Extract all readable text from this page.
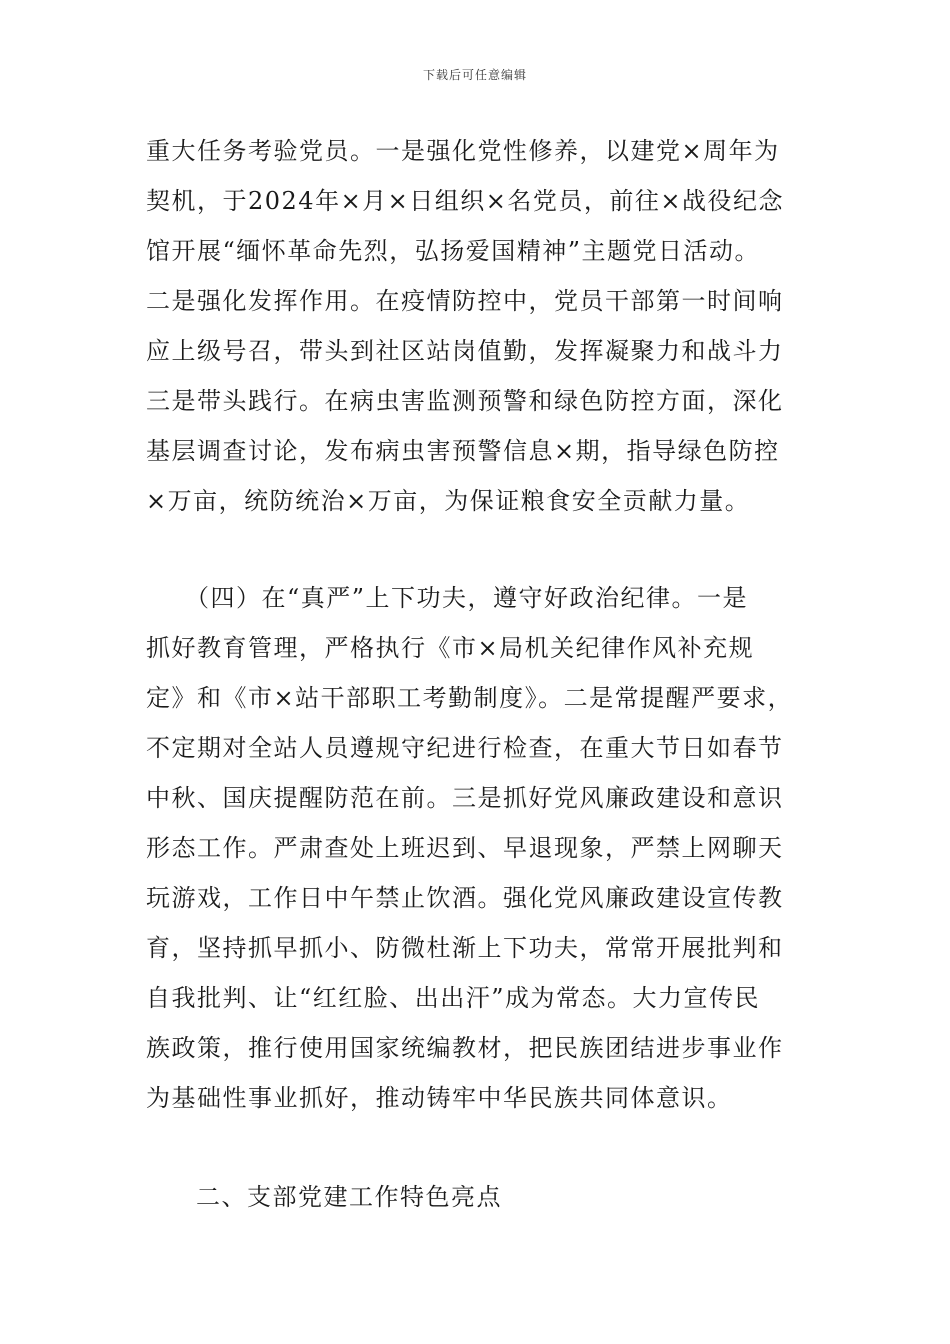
下载后可任意编辑
重大任务考验党员。一是强化党性修养，以建党×周年为
契机，于2024年×月×日组织×名党员，前往×战役纪念
馆开展“缅怀革命先烈，弘扬爱国精神”主题党日活动。
二是强化发挥作用。在疫情防控中，党员干部第一时间响
应上级号召，带头到社区站岗值勤，发挥凝聚力和战斗力
三是带头践行。在病虫害监测预警和绿色防控方面，深化
基层调查讨论，发布病虫害预警信息×期，指导绿色防控
×万亩，统防统治×万亩，为保证粮食安全贡献力量。
　　（四）在“真严”上下功夫，遵守好政治纪律。一是
抓好教育管理，严格执行《市×局机关纪律作风补充规
定》和《市×站干部职工考勤制度》。二是常提醒严要求，
不定期对全站人员遵规守纪进行检查，在重大节日如春节
中秋、国庆提醒防范在前。三是抓好党风廉政建设和意识
形态工作。严肃查处上班迟到、早退现象，严禁上网聊天
玩游戏，工作日中午禁止饮酒。强化党风廉政建设宣传教
育，坚持抓早抓小、防微杜渐上下功夫，常常开展批判和
自我批判、让“红红脸、出出汗”成为常态。大力宣传民
族政策，推行使用国家统编教材，把民族团结进步事业作
为基础性事业抓好，推动铸牢中华民族共同体意识。
二、支部党建工作特色亮点
